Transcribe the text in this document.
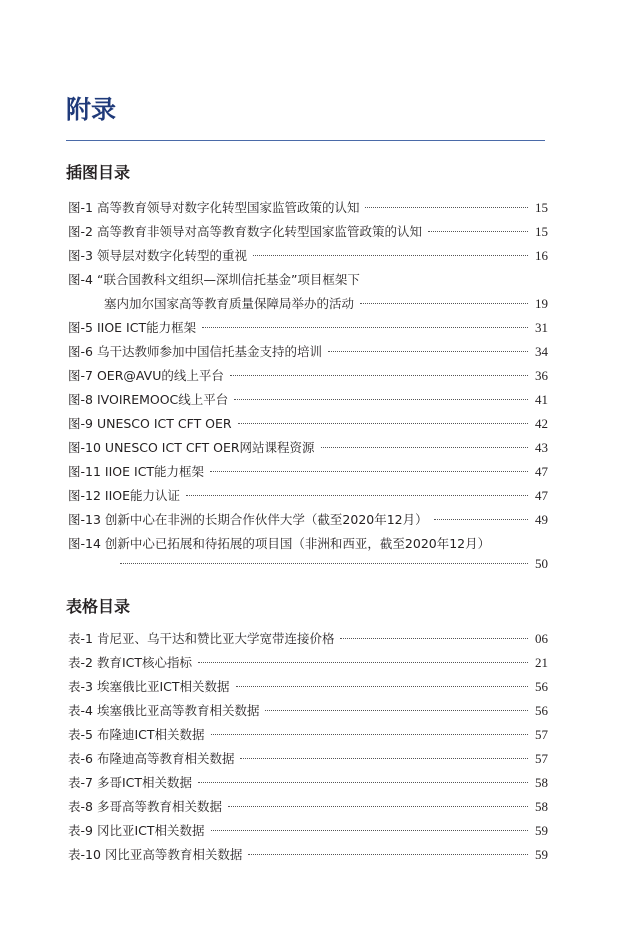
附录
插图目录
图-1 高等教育领导对数字化转型国家监管政策的认知	15
图-2 高等教育非领导对高等教育数字化转型国家监管政策的认知	15
图-3 领导层对数字化转型的重视	16
图-4 “联合国教科文组织—深圳信托基金”项目框架下
塞内加尔国家高等教育质量保障局举办的活动	19
图-5 IIOE ICT能力框架	31
图-6 乌干达教师参加中国信托基金支持的培训	34
图-7 OER@AVU的线上平台	36
图-8 IVOIREMOOC线上平台	41
图-9 UNESCO ICT CFT OER	42
图-10 UNESCO ICT CFT OER网站课程资源	43
图-11 IIOE ICT能力框架	47
图-12 IIOE能力认证	47
图-13 创新中心在非洲的长期合作伙伴大学（截至2020年12月）	49
图-14 创新中心已拓展和待拓展的项目国（非洲和西亚，截至2020年12月）
50
表格目录
表-1 肯尼亚、乌干达和赞比亚大学宽带连接价格	06
表-2 教育ICT核心指标	21
表-3 埃塞俄比亚ICT相关数据	56
表-4 埃塞俄比亚高等教育相关数据	56
表-5 布隆迪ICT相关数据	57
表-6 布隆迪高等教育相关数据	57
表-7 多哥ICT相关数据	58
表-8 多哥高等教育相关数据	58
表-9 冈比亚ICT相关数据	59
表-10 冈比亚高等教育相关数据	59
